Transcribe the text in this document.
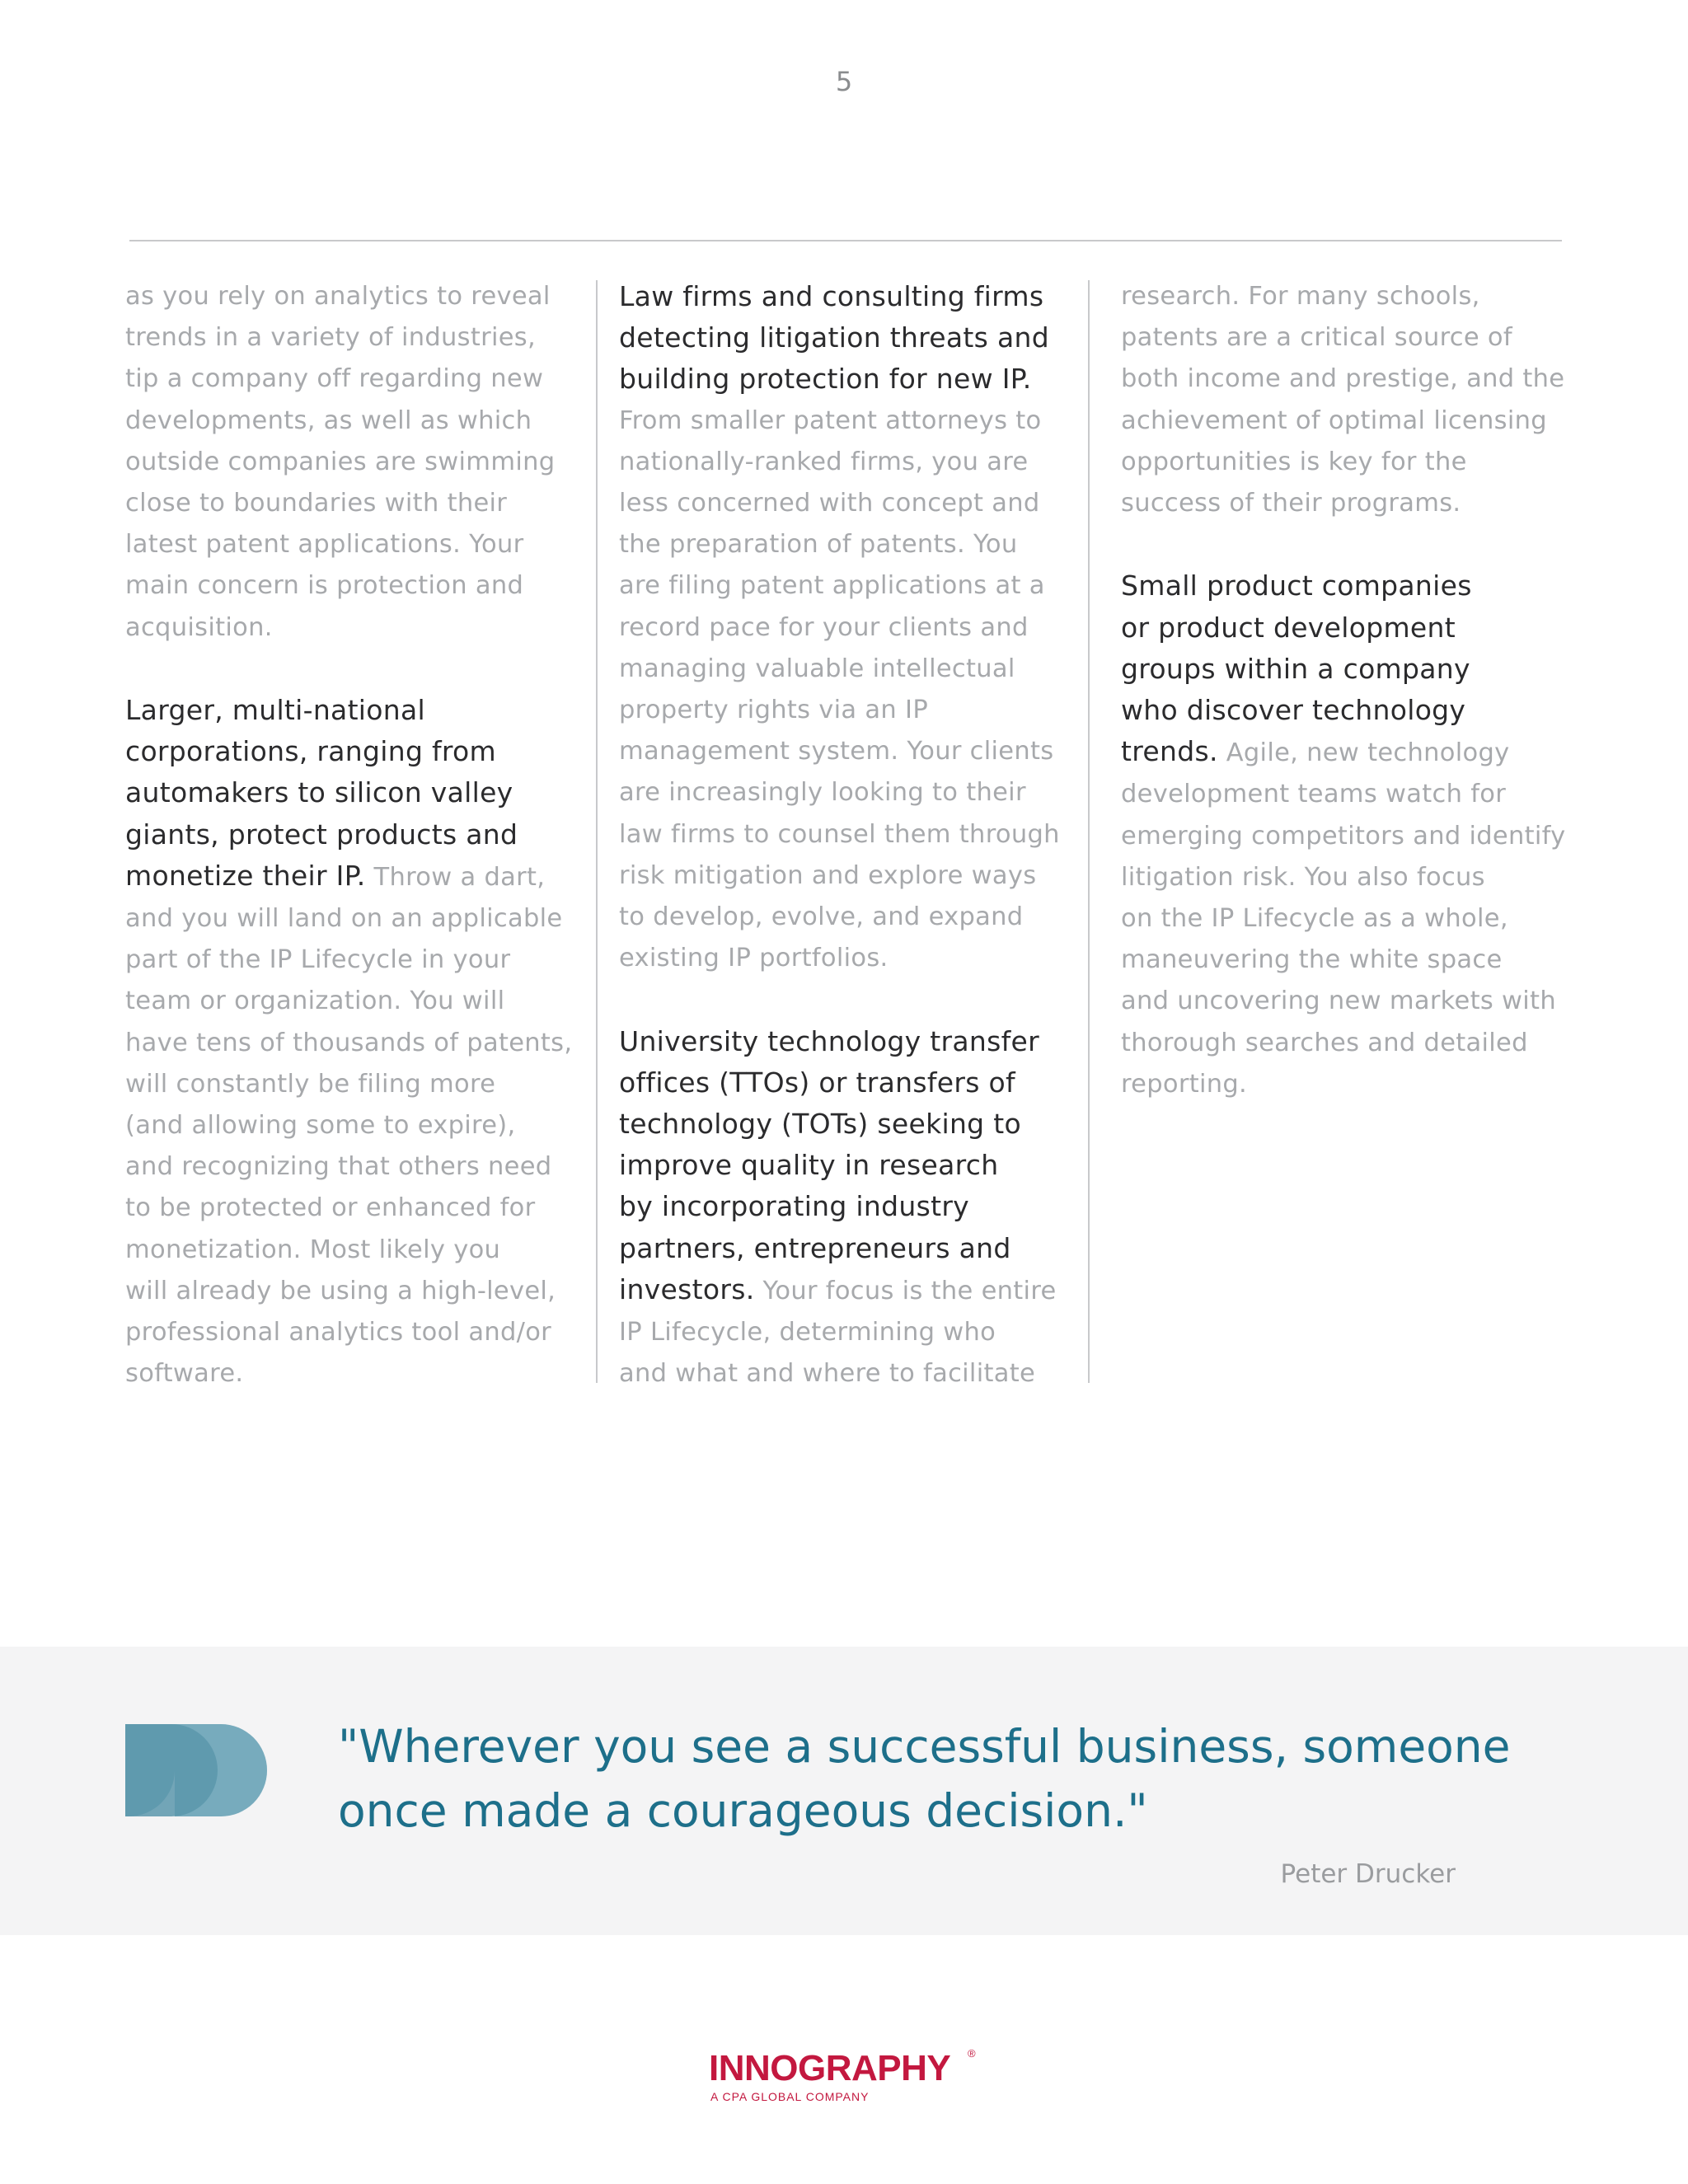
5

as you rely on analytics to reveal

trends in a variety of industries,

tip a company off regarding new

developments, as well as which

outside companies are swimming

close to boundaries with their

latest patent applications. Your

main concern is protection and

acquisition.

Larger, multi-national

corporations, ranging from

automakers to silicon valley

giants, protect products and

monetize their IP. Throw a dart,

and you will land on an applicable

part of the IP Lifecycle in your

team or organization. You will

have tens of thousands of patents,

will constantly be filing more

(and allowing some to expire),

and recognizing that others need

to be protected or enhanced for

monetization. Most likely you

will already be using a high-level,

professional analytics tool and/or

software.

Law firms and consulting firms

detecting litigation threats and

building protection for new IP.

From smaller patent attorneys to

nationally-ranked firms, you are

less concerned with concept and

the preparation of patents. You

are filing patent applications at a

record pace for your clients and

managing valuable intellectual

property rights via an IP

management system. Your clients

are increasingly looking to their

law firms to counsel them through

risk mitigation and explore ways

to develop, evolve, and expand

existing IP portfolios.

University technology transfer

offices (TTOs) or transfers of

technology (TOTs) seeking to

improve quality in research

by incorporating industry

partners, entrepreneurs and

investors. Your focus is the entire

IP Lifecycle, determining who

and what and where to facilitate

research. For many schools,

patents are a critical source of

both income and prestige, and the

achievement of optimal licensing

opportunities is key for the

success of their programs.

Small product companies

or product development

groups within a company

who discover technology

trends. Agile, new technology

development teams watch for

emerging competitors and identify

litigation risk. You also focus

on the IP Lifecycle as a whole,

maneuvering the white space

and uncovering new markets with

thorough searches and detailed

reporting.

"Wherever you see a successful business, someone
once made a courageous decision."
Peter Drucker
INNOGRAPHY ®
A CPA GLOBAL COMPANY
